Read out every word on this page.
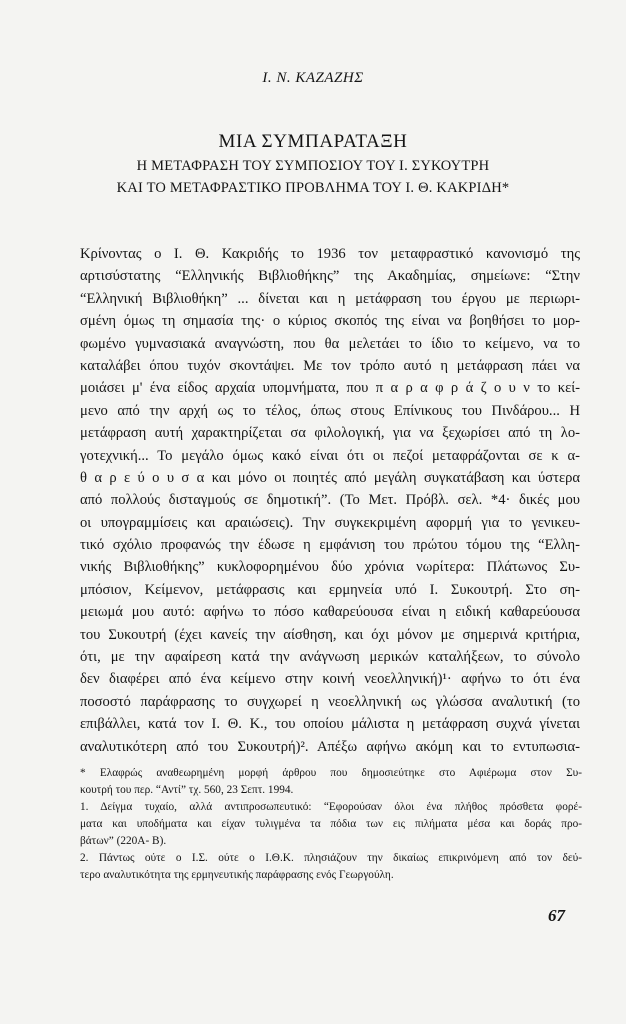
I. N. ΚΑΖΑΖΗΣ
ΜΙΑ ΣΥΜΠΑΡΑΤΑΞΗ
Η ΜΕΤΑΦΡΑΣΗ ΤΟΥ ΣΥΜΠΟΣΙΟΥ ΤΟΥ Ι. ΣΥΚΟΥΤΡΗ
ΚΑΙ ΤΟ ΜΕΤΑΦΡΑΣΤΙΚΟ ΠΡΟΒΛΗΜΑ ΤΟΥ Ι. Θ. ΚΑΚΡΙΔΗ*
Κρίνοντας ο Ι. Θ. Κακριδής το 1936 τον μεταφραστικό κανονισμό της
αρτισύστατης “Ελληνικής Βιβλιοθήκης” της Ακαδημίας, σημείωνε: “Στην
“Ελληνική Βιβλιοθήκη” ... δίνεται και η μετάφραση του έργου με περιωρι-
σμένη όμως τη σημασία της· ο κύριος σκοπός της είναι να βοηθήσει το μορ-
φωμένο γυμνασιακά αναγνώστη, που θα μελετάει το ίδιο το κείμενο, να το
καταλάβει όπου τυχόν σκοντάψει. Με τον τρόπο αυτό η μετάφραση πάει να
μοιάσει μ' ένα είδος αρχαία υπομνήματα, που π α ρ α φ ρ ά ζ ο υ ν το κεί-
μενο από την αρχή ως το τέλος, όπως στους Επίνικους του Πινδάρου... Η
μετάφραση αυτή χαρακτηρίζεται σα φιλολογική, για να ξεχωρίσει από τη λο-
γοτεχνική... Το μεγάλο όμως κακό είναι ότι οι πεζοί μεταφράζονται σε κ α-
θ α ρ ε ύ ο υ σ α και μόνο οι ποιητές από μεγάλη συγκατάβαση και ύστερα
από πολλούς δισταγμούς σε δημοτική”. (Το Μετ. Πρόβλ. σελ. *4· δικές μου
οι υπογραμμίσεις και αραιώσεις). Την συγκεκριμένη αφορμή για το γενικευ-
τικό σχόλιο προφανώς την έδωσε η εμφάνιση του πρώτου τόμου της “Ελλη-
νικής Βιβλιοθήκης” κυκλοφορημένου δύο χρόνια νωρίτερα: Πλάτωνος Συ-
μπόσιον, Κείμενον, μετάφρασις και ερμηνεία υπό Ι. Συκουτρή. Στο ση-
μειωμά μου αυτό: αφήνω το πόσο καθαρεύουσα είναι η ειδική καθαρεύουσα
του Συκουτρή (έχει κανείς την αίσθηση, και όχι μόνον με σημερινά κριτήρια,
ότι, με την αφαίρεση κατά την ανάγνωση μερικών καταλήξεων, το σύνολο
δεν διαφέρει από ένα κείμενο στην κοινή νεοελληνική)¹· αφήνω το ότι ένα
ποσοστό παράφρασης το συγχωρεί η νεοελληνική ως γλώσσα αναλυτική (το
επιβάλλει, κατά τον Ι. Θ. Κ., του οποίου μάλιστα η μετάφραση συχνά γίνεται
αναλυτικότερη από του Συκουτρή)². Απέξω αφήνω ακόμη και το εντυπωσια-
* Ελαφρώς αναθεωρημένη μορφή άρθρου που δημοσιεύτηκε στο Αφιέρωμα στον Συ-
κουτρή του περ. “Αντί” τχ. 560, 23 Σεπτ. 1994.
1. Δείγμα τυχαίο, αλλά αντιπροσωπευτικό: “Εφορούσαν όλοι ένα πλήθος πρόσθετα φορέ-
ματα και υποδήματα και είχαν τυλιγμένα τα πόδια των εις πιλήματα μέσα και δοράς προ-
βάτων” (220Α- Β).
2. Πάντως ούτε ο Ι.Σ. ούτε ο Ι.Θ.Κ. πλησιάζουν την δικαίως επικρινόμενη από τον δεύ-
τερο αναλυτικότητα της ερμηνευτικής παράφρασης ενός Γεωργούλη.
67
